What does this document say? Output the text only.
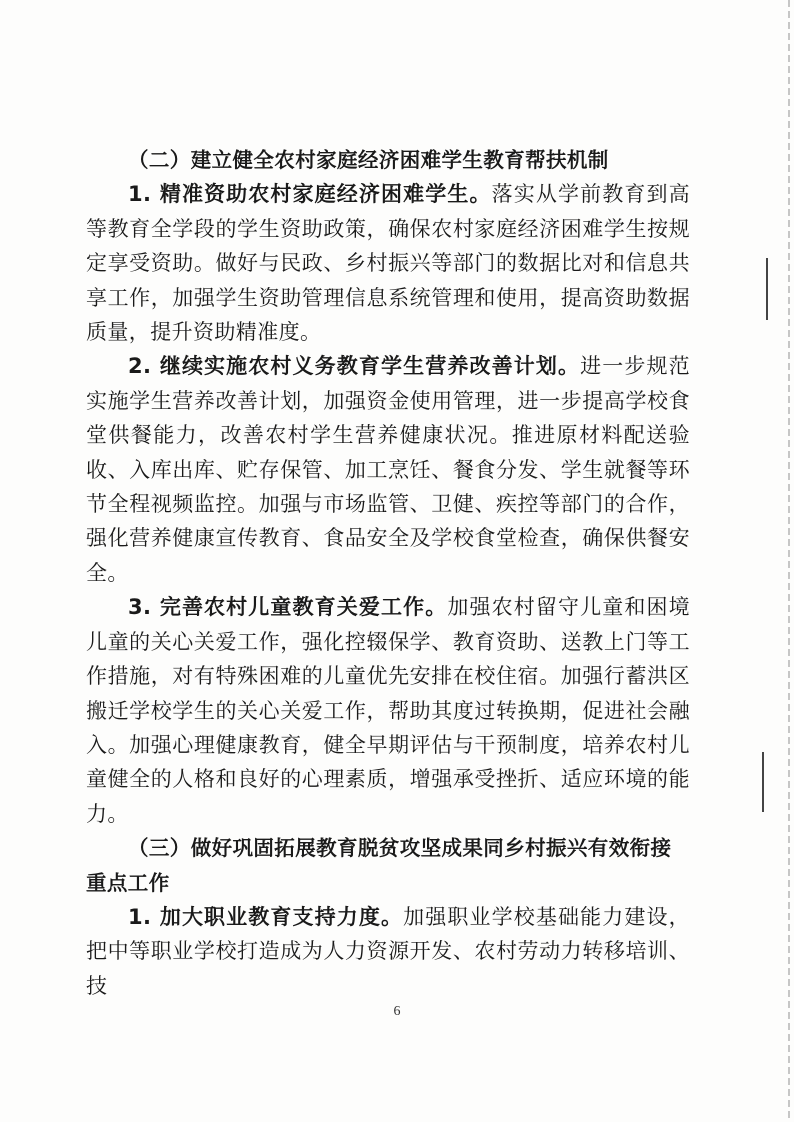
（二）建立健全农村家庭经济困难学生教育帮扶机制

1. 精准资助农村家庭经济困难学生。落实从学前教育到高等教育全学段的学生资助政策，确保农村家庭经济困难学生按规定享受资助。做好与民政、乡村振兴等部门的数据比对和信息共享工作，加强学生资助管理信息系统管理和使用，提高资助数据质量，提升资助精准度。

2. 继续实施农村义务教育学生营养改善计划。进一步规范实施学生营养改善计划，加强资金使用管理，进一步提高学校食堂供餐能力，改善农村学生营养健康状况。推进原材料配送验收、入库出库、贮存保管、加工烹饪、餐食分发、学生就餐等环节全程视频监控。加强与市场监管、卫健、疾控等部门的合作，强化营养健康宣传教育、食品安全及学校食堂检查，确保供餐安全。

3. 完善农村儿童教育关爱工作。加强农村留守儿童和困境儿童的关心关爱工作，强化控辍保学、教育资助、送教上门等工作措施，对有特殊困难的儿童优先安排在校住宿。加强行蓄洪区搬迁学校学生的关心关爱工作，帮助其度过转换期，促进社会融入。加强心理健康教育，健全早期评估与干预制度，培养农村儿童健全的人格和良好的心理素质，增强承受挫折、适应环境的能力。

（三）做好巩固拓展教育脱贫攻坚成果同乡村振兴有效衔接重点工作

1. 加大职业教育支持力度。加强职业学校基础能力建设，把中等职业学校打造成为人力资源开发、农村劳动力转移培训、技

6
